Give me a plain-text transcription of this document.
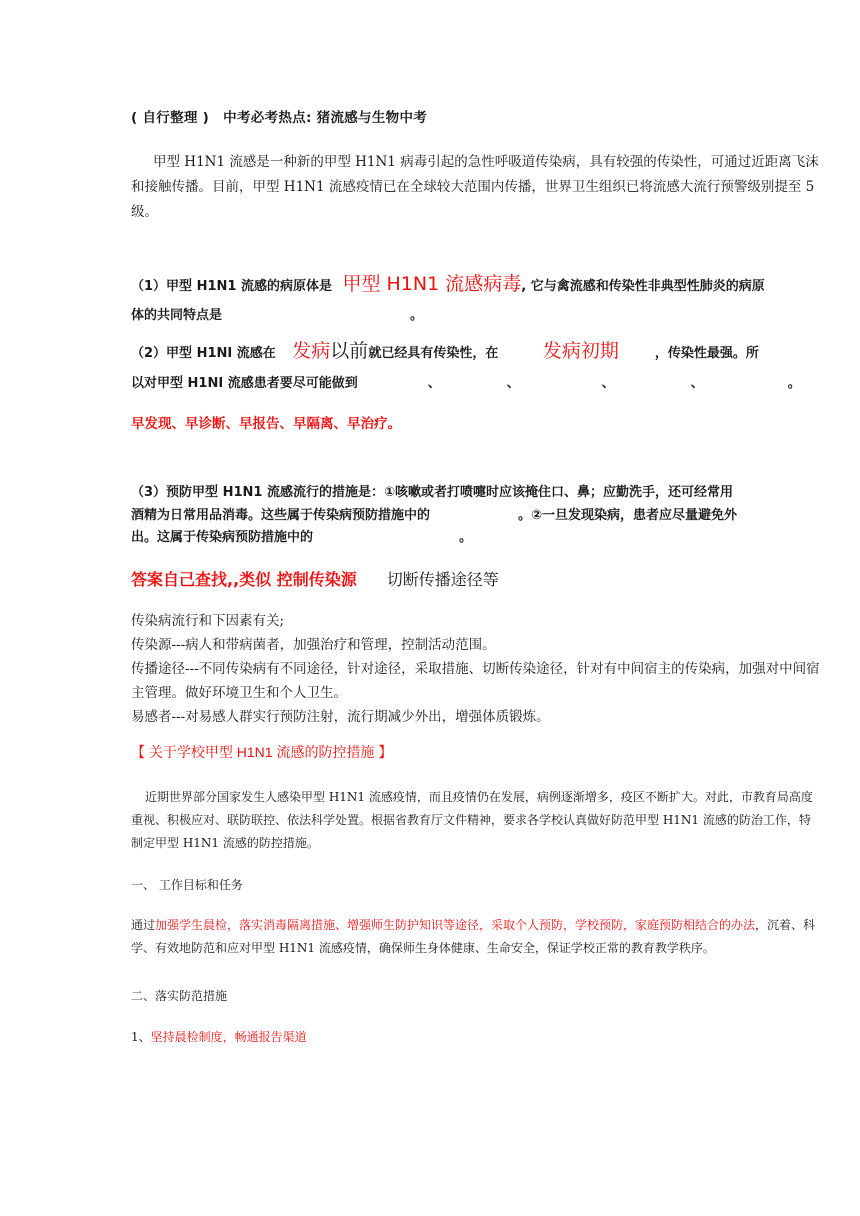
( 自行整理 ) 中考必考热点: 猪流感与生物中考

甲型 H1N1 流感是一种新的甲型 H1N1 病毒引起的急性呼吸道传染病，具有较强的传染性，可通过近距离飞沫和接触传播。目前，甲型 H1N1 流感疫情已在全球较大范围内传播，世界卫生组织已将流感大流行预警级别提至 5 级。

（1）甲型 H1N1 流感的病原体是 甲型 H1N1 流感病毒, 它与禽流感和传染性非典型性肺炎的病原
体的共同特点是	。
（2）甲型 H1NI 流感在 发病以前就已经具有传染性，在 发病初期	，传染性最强。所
以对甲型 H1NI 流感患者要尽可能做到	、	、	、	、	。
早发现、早诊断、早报告、早隔离、早治疗。
（3）预防甲型 H1N1 流感流行的措施是：①咳嗽或者打喷嚏时应该掩住口、鼻；应勤洗手，还可经常用
酒精为日常用品消毒。这些属于传染病预防措施中的	。②一旦发现染病，患者应尽量避免外
出。这属于传染病预防措施中的	。
答案自己查找,,类似 控制传染源 切断传播途径等
传染病流行和下因素有关;
传染源---病人和带病菌者，加强治疗和管理，控制活动范围。
传播途径---不同传染病有不同途径，针对途径，采取措施、切断传染途径，针对有中间宿主的传染病，加强对中间宿主管理。做好环境卫生和个人卫生。
易感者---对易感人群实行预防注射，流行期减少外出，增强体质锻炼。
【 关于学校甲型 H1N1 流感的防控措施 】

近期世界部分国家发生人感染甲型 H1N1 流感疫情，而且疫情仍在发展，病例逐渐增多，疫区不断扩大。对此，市教育局高度重视、积极应对、联防联控、依法科学处置。根据省教育厅文件精神，要求各学校认真做好防范甲型 H1N1 流感的防治工作，特制定甲型 H1N1 流感的防控措施。

一、 工作目标和任务

通过加强学生晨检，落实消毒隔离措施、增强师生防护知识等途径，采取个人预防，学校预防，家庭预防相结合的办法，沉着、科学、有效地防范和应对甲型 H1N1 流感疫情，确保师生身体健康、生命安全，保证学校正常的教育教学秩序。

二、落实防范措施
1、坚持晨检制度，畅通报告渠道
